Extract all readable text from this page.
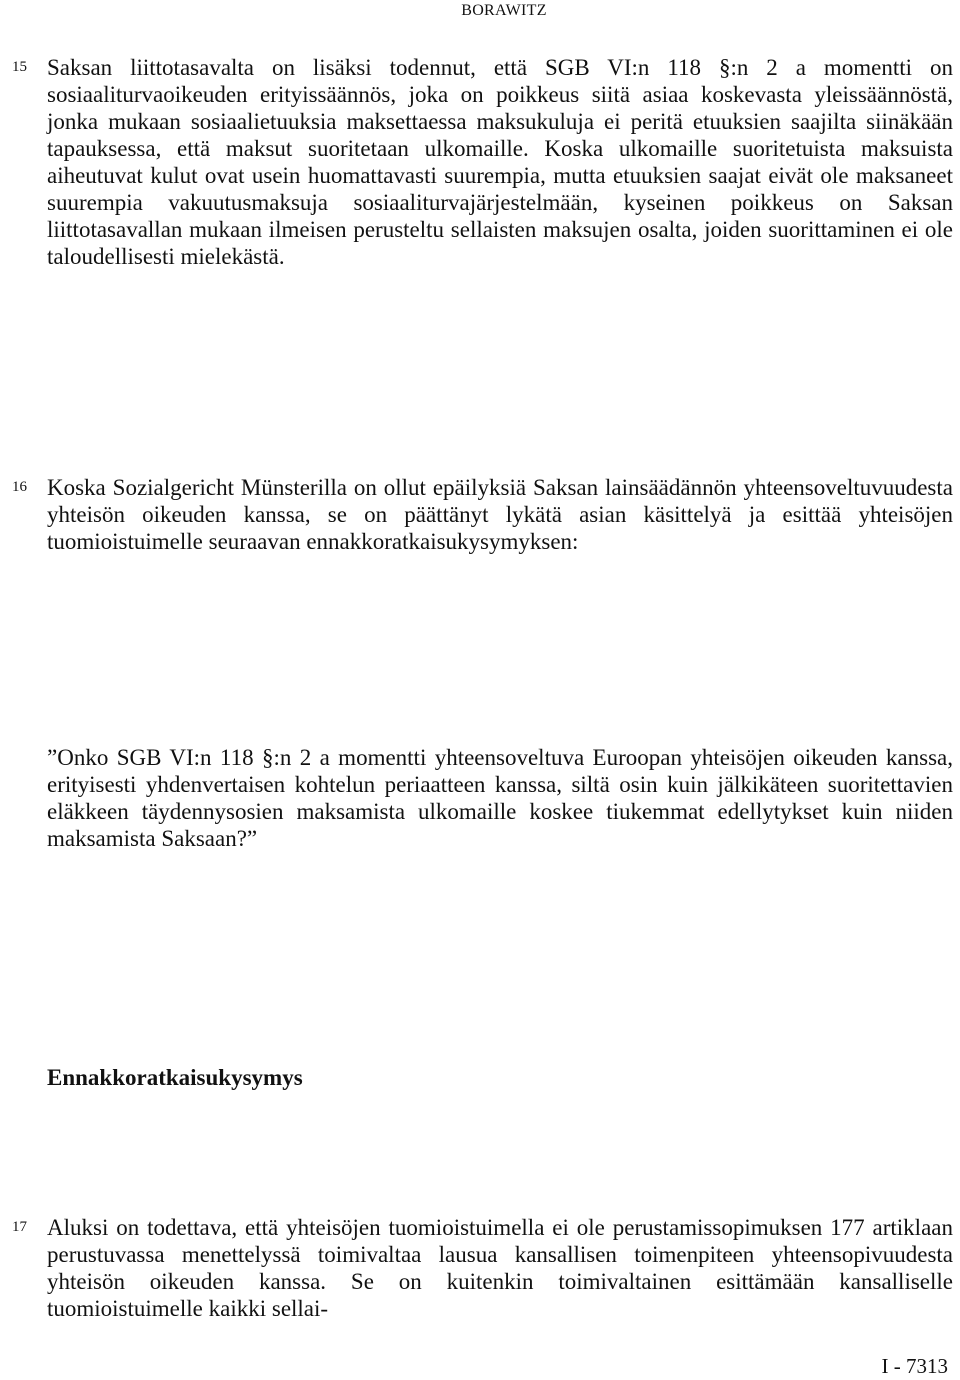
BORAWITZ
15 Saksan liittotasavalta on lisäksi todennut, että SGB VI:n 118 §:n 2 a momentti on sosiaaliturvaoikeuden erityissäännös, joka on poikkeus siitä asiaa koskevasta yleissäännöstä, jonka mukaan sosiaalietuuksia maksettaessa maksukuluja ei peritä etuuksien saajilta siinäkään tapauksessa, että maksut suoritetaan ulkomaille. Koska ulkomaille suoritetuista maksuista aiheutuvat kulut ovat usein huomattavasti suurempia, mutta etuuksien saajat eivät ole maksaneet suurempia vakuutusmaksuja sosiaaliturvajärjestelmään, kyseinen poikkeus on Saksan liittotasavallan mukaan ilmeisen perusteltu sellaisten maksujen osalta, joiden suorittaminen ei ole taloudellisesti mielekästä.
16 Koska Sozialgericht Münsterilla on ollut epäilyksiä Saksan lainsäädännön yhteensoveltuvuudesta yhteisön oikeuden kanssa, se on päättänyt lykätä asian käsittelyä ja esittää yhteisöjen tuomioistuimelle seuraavan ennakkoratkaisukysymyksen:
”Onko SGB VI:n 118 §:n 2 a momentti yhteensoveltuva Euroopan yhteisöjen oikeuden kanssa, erityisesti yhdenvertaisen kohtelun periaatteen kanssa, siltä osin kuin jälkikäteen suoritettavien eläkkeen täydennysosien maksamista ulkomaille koskee tiukemmat edellytykset kuin niiden maksamista Saksaan?”
Ennakkoratkaisukysymys
17 Aluksi on todettava, että yhteisöjen tuomioistuimella ei ole perustamissopimuksen 177 artiklaan perustuvassa menettelyssä toimivaltaa lausua kansallisen toimenpiteen yhteensopivuudesta yhteisön oikeuden kanssa. Se on kuitenkin toimivaltainen esittämään kansalliselle tuomioistuimelle kaikki sellai-
I - 7313
